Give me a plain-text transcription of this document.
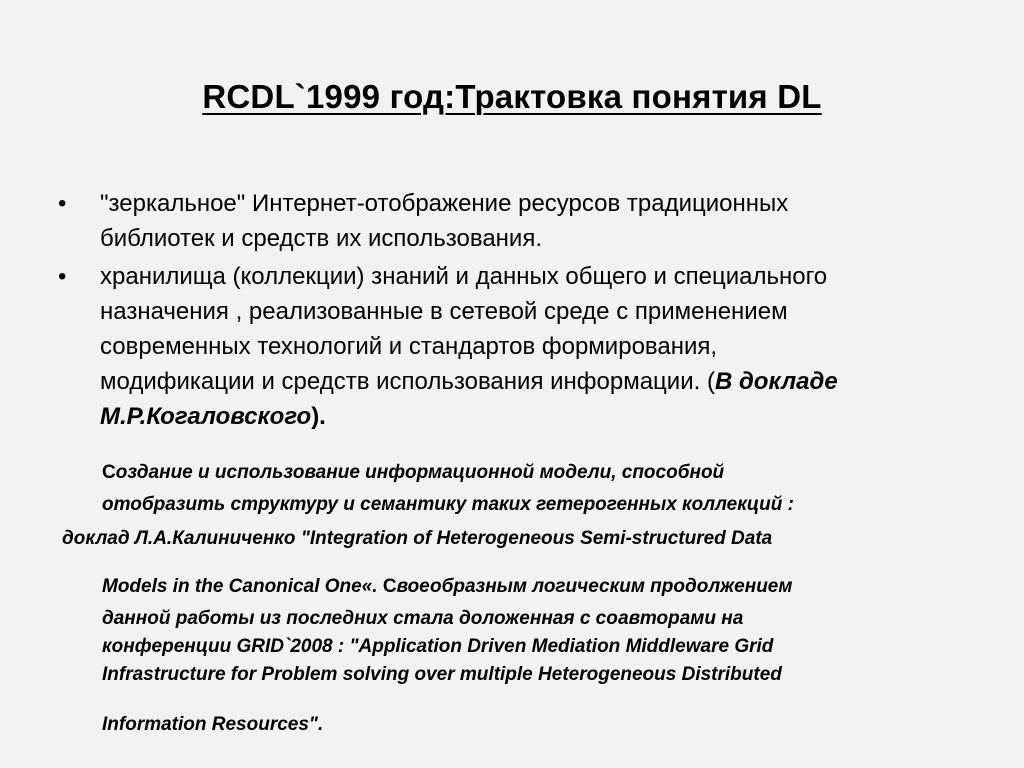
RCDL`1999 год:Трактовка понятия DL
• "зеркальное" Интернет-отображение ресурсов традиционных
библиотек и средств их использования.
• хранилища (коллекции) знаний и данных общего и специального
назначения , реализованные в сетевой среде с применением
современных технологий и стандартов формирования,
модификации и средств использования информации. (В докладе
М.Р.Когаловского).
Создание и использование информационной модели, способной
отобразить структуру и семантику таких гетерогенных коллекций :
доклад Л.А.Калиниченко "Integration of Heterogeneous Semi-structured Data
Models in the Canonical One«. Своеобразным логическим продолжением
данной работы из последних стала доложенная с соавторами на
конференции GRID`2008 : "Application Driven Mediation Middleware Grid
Infrastructure for Problem solving over multiple Heterogeneous Distributed
Information Resources".
